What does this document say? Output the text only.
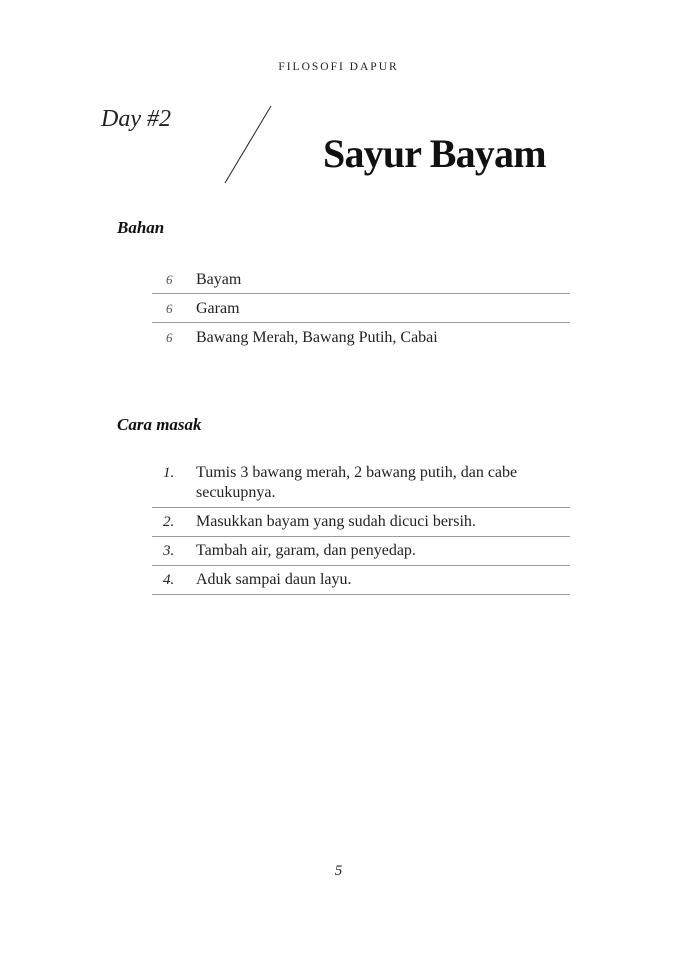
FILOSOFI DAPUR
Day #2
Sayur Bayam
Bahan
6 Bayam
6 Garam
6 Bawang Merah, Bawang Putih, Cabai
Cara masak
1. Tumis 3 bawang merah, 2 bawang putih, dan cabe secukupnya.
2. Masukkan bayam yang sudah dicuci bersih.
3. Tambah air, garam, dan penyedap.
4. Aduk sampai daun layu.
5
